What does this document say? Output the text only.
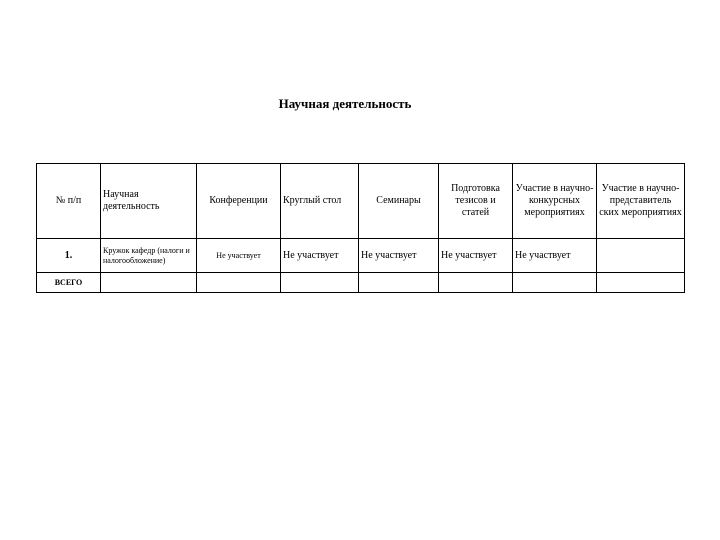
Научная деятельность
№ п/п	Научная деятельность	Конференции	Круглый стол	Семинары	Подготовка тезисов и статей	Участие в научно-конкурсных мероприятиях	Участие в научно-представитель ских мероприятиях
1.	Кружок кафедр (налоги и налогообложение)	Не участвует	Не участвует	Не участвует	Не участвует	Не участвует	
ВСЕГО							
